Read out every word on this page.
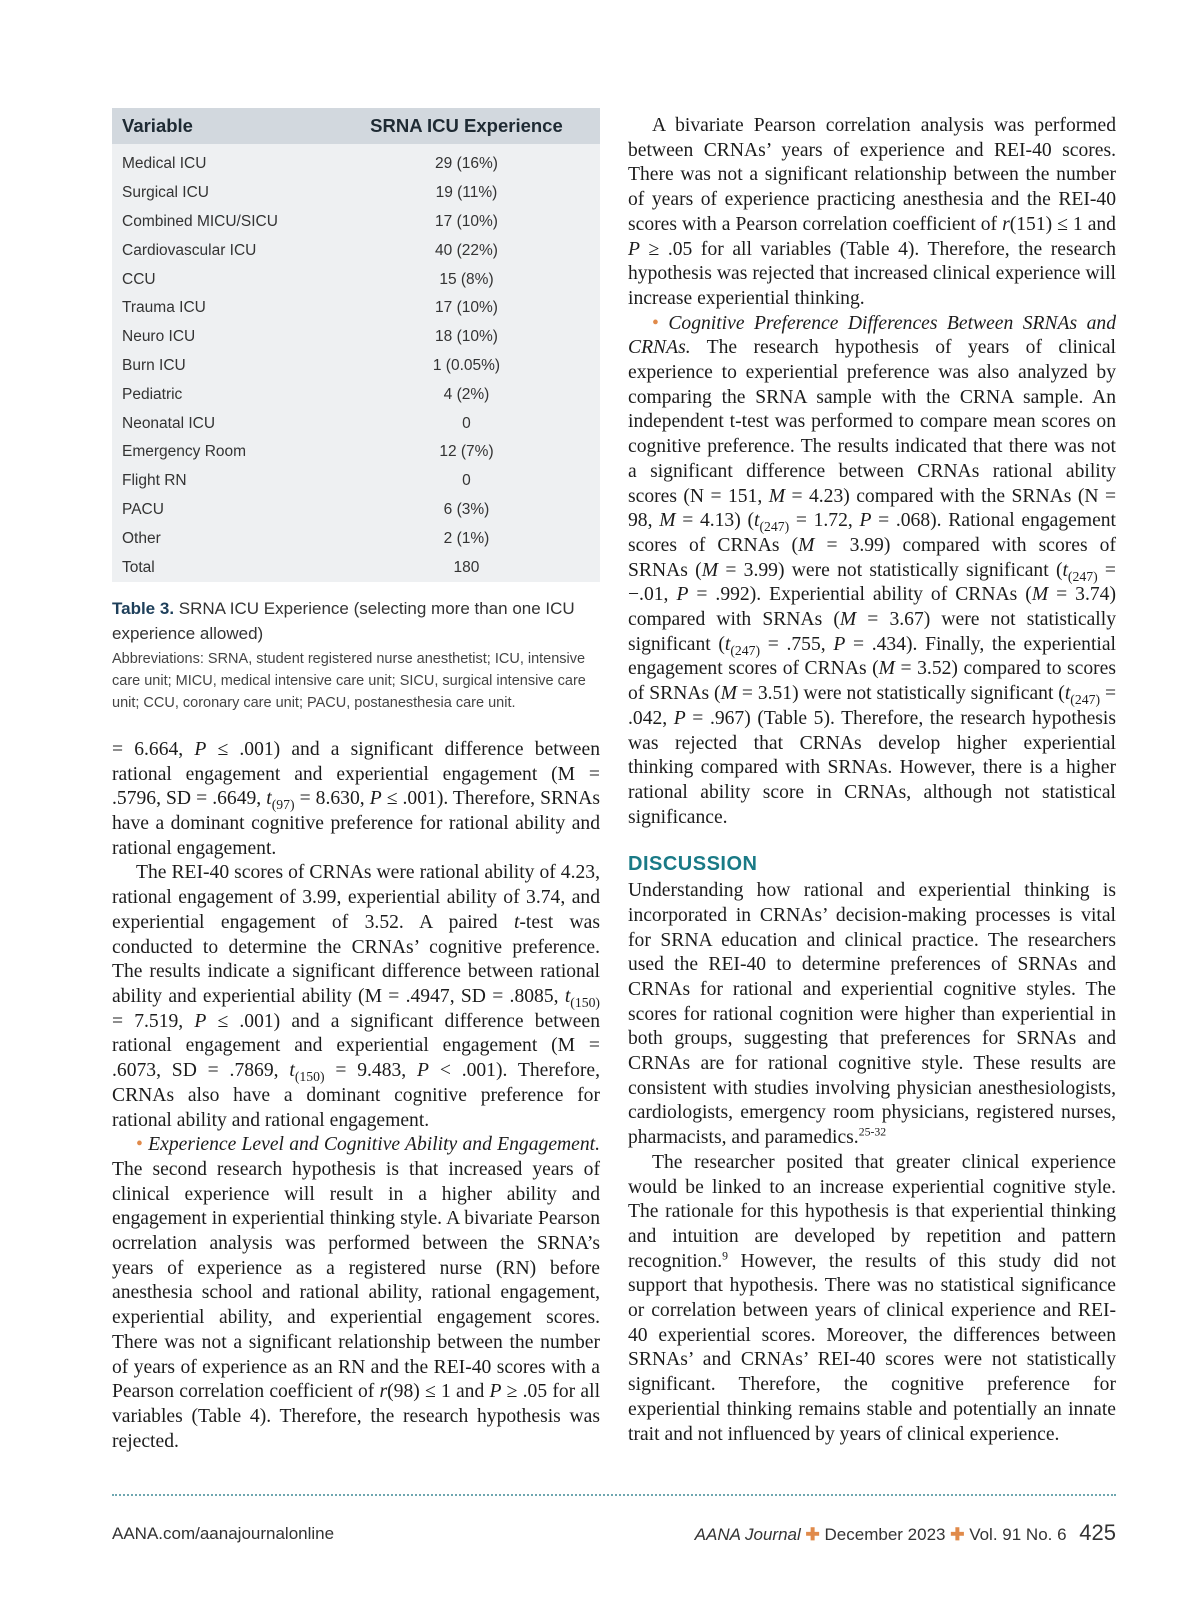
Variable	SRNA ICU Experience

Medical ICU	29 (16%)
Surgical ICU	19 (11%)
Combined MICU/SICU	17 (10%)
Cardiovascular ICU	40 (22%)
CCU	15 (8%)
Trauma ICU	17 (10%)
Neuro ICU	18 (10%)
Burn ICU	1 (0.05%)
Pediatric	4 (2%)
Neonatal ICU	0
Emergency Room	12 (7%)
Flight RN	0
PACU	6 (3%)
Other	2 (1%)
Total	180
Table 3. SRNA ICU Experience (selecting more than one ICU experience allowed)
Abbreviations: SRNA, student registered nurse anesthetist; ICU, intensive care unit; MICU, medical intensive care unit; SICU, surgical intensive care unit; CCU, coronary care unit; PACU, postanesthesia care unit.

= 6.664, P ≤ .001) and a significant difference between rational engagement and experiential engagement (M = .5796, SD = .6649, $t_{(97)} = 8.630$, P ≤ .001). Therefore, SRNAs have a dominant cognitive preference for rational ability and rational engagement.

The REI-40 scores of CRNAs were rational ability of 4.23, rational engagement of 3.99, experiential ability of 3.74, and experiential engagement of 3.52. A paired t-test was conducted to determine the CRNAs’ cognitive preference. The results indicate a significant difference between rational ability and experiential ability (M = .4947, SD = .8085, $t_{(150)} = 7.519$, P ≤ .001) and a significant difference between rational engagement and experiential engagement (M = .6073, SD = .7869, $t_{(150)} = 9.483$, P < .001). Therefore, CRNAs also have a dominant cognitive preference for rational ability and rational engagement.

• Experience Level and Cognitive Ability and Engagement. The second research hypothesis is that increased years of clinical experience will result in a higher ability and engagement in experiential thinking style. A bivariate Pearson ocrrelation analysis was performed between the SRNA’s years of experience as a registered nurse (RN) before anesthesia school and rational ability, rational engagement, experiential ability, and experiential engagement scores. There was not a significant relationship between the number of years of experience as an RN and the REI-40 scores with a Pearson correlation coefficient of r(98) ≤ 1 and P ≥ .05 for all variables (Table 4). Therefore, the research hypothesis was rejected.

A bivariate Pearson correlation analysis was performed between CRNAs’ years of experience and REI-40 scores. There was not a significant relationship between the number of years of experience practicing anesthesia and the REI-40 scores with a Pearson correlation coefficient of r(151) ≤ 1 and P ≥ .05 for all variables (Table 4). Therefore, the research hypothesis was rejected that increased clinical experience will increase experiential thinking.

• Cognitive Preference Differences Between SRNAs and CRNAs. The research hypothesis of years of clinical experience to experiential preference was also analyzed by comparing the SRNA sample with the CRNA sample. An independent t-test was performed to compare mean scores on cognitive preference. The results indicated that there was not a significant difference between CRNAs rational ability scores (N = 151, M = 4.23) compared with the SRNAs (N = 98, M = 4.13) ($t_{(247)} = 1.72$, P = .068). Rational engagement scores of CRNAs (M = 3.99) compared with scores of SRNAs (M = 3.99) were not statistically significant ($t_{(247)} = -.01$, P = .992). Experiential ability of CRNAs (M = 3.74) compared with SRNAs (M = 3.67) were not statistically significant ($t_{(247)} = .755$, P = .434). Finally, the experiential engagement scores of CRNAs (M = 3.52) compared to scores of SRNAs (M = 3.51) were not statistically significant ($t_{(247)} = .042$, P = .967) (Table 5). Therefore, the research hypothesis was rejected that CRNAs develop higher experiential thinking compared with SRNAs. However, there is a higher rational ability score in CRNAs, although not statistical significance.

DISCUSSION

Understanding how rational and experiential thinking is incorporated in CRNAs’ decision-making processes is vital for SRNA education and clinical practice. The researchers used the REI-40 to determine preferences of SRNAs and CRNAs for rational and experiential cognitive styles. The scores for rational cognition were higher than experiential in both groups, suggesting that preferences for SRNAs and CRNAs are for rational cognitive style. These results are consistent with studies involving physician anesthesiologists, cardiologists, emergency room physicians, registered nurses, pharmacists, and paramedics.$^{25-32}$

The researcher posited that greater clinical experience would be linked to an increase experiential cognitive style. The rationale for this hypothesis is that experiential thinking and intuition are developed by repetition and pattern recognition.$^9$ However, the results of this study did not support that hypothesis. There was no statistical significance or correlation between years of clinical experience and REI-40 experiential scores. Moreover, the differences between SRNAs’ and CRNAs’ REI-40 scores were not statistically significant. Therefore, the cognitive preference for experiential thinking remains stable and potentially an innate trait and not influenced by years of clinical experience.

AANA.com/aanajournalonline	AANA Journal ✚ December 2023 ✚ Vol. 91 No. 6 425
